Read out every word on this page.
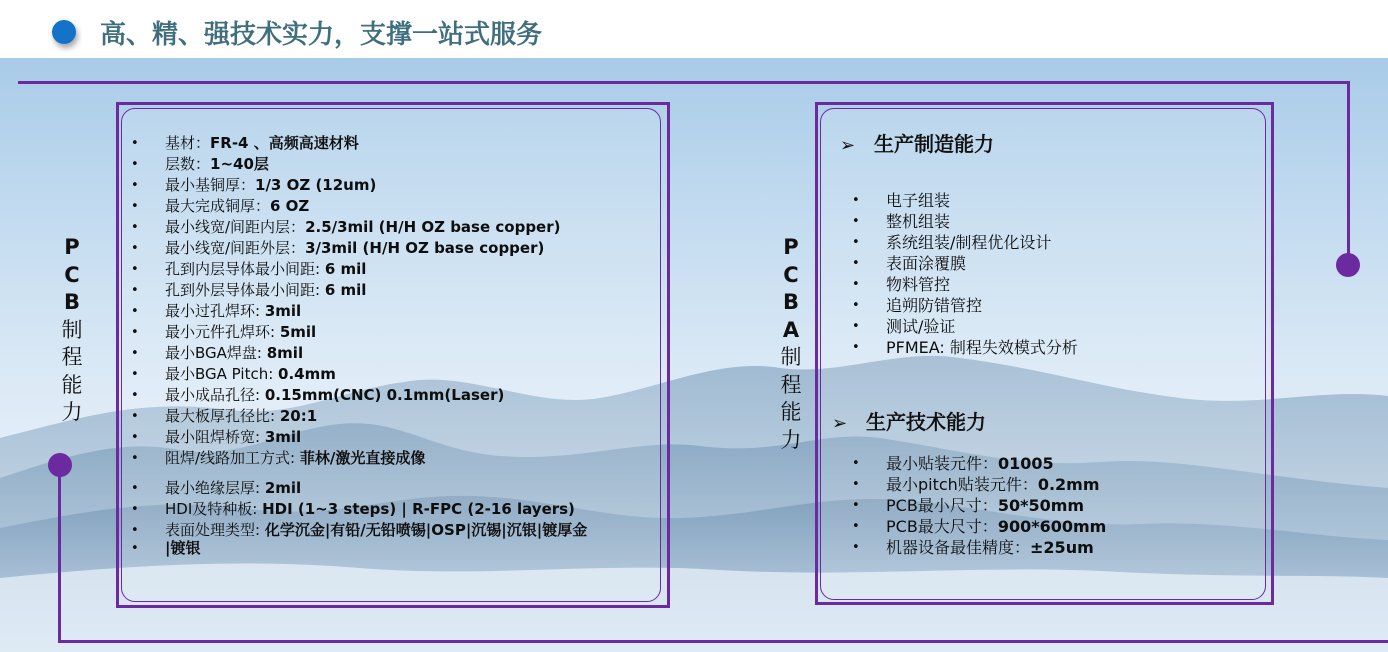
高、精、强技术实力，支撑一站式服务
P
C
B
制
程
能
力
• 基材：FR-4 、高频高速材料
• 层数：1~40层
• 最小基铜厚：1/3 OZ (12um)
• 最大完成铜厚：6 OZ
• 最小线宽/间距内层：2.5/3mil (H/H OZ base copper)
• 最小线宽/间距外层：3/3mil (H/H OZ base copper)
• 孔到内层导体最小间距: 6 mil
• 孔到外层导体最小间距: 6 mil
• 最小过孔焊环: 3mil
• 最小元件孔焊环: 5mil
• 最小BGA焊盘: 8mil
• 最小BGA Pitch: 0.4mm
• 最小成品孔径: 0.15mm(CNC) 0.1mm(Laser)
• 最大板厚孔径比: 20:1
• 最小阻焊桥宽: 3mil
• 阻焊/线路加工方式: 菲林/激光直接成像
• 最小绝缘层厚: 2mil
• HDI及特种板: HDI (1~3 steps) | R-FPC (2-16 layers)
• 表面处理类型: 化学沉金|有铅/无铅喷锡|OSP|沉锡|沉银|镀厚金
• |镀银
P
C
B
A
制
程
能
力
➢ 生产制造能力
• 电子组装
• 整机组装
• 系统组装/制程优化设计
• 表面涂覆膜
• 物料管控
• 追朔防错管控
• 测试/验证
• PFMEA: 制程失效模式分析
➢ 生产技术能力
• 最小贴装元件：01005
• 最小pitch贴装元件：0.2mm
• PCB最小尺寸：50*50mm
• PCB最大尺寸：900*600mm
• 机器设备最佳精度：±25um
